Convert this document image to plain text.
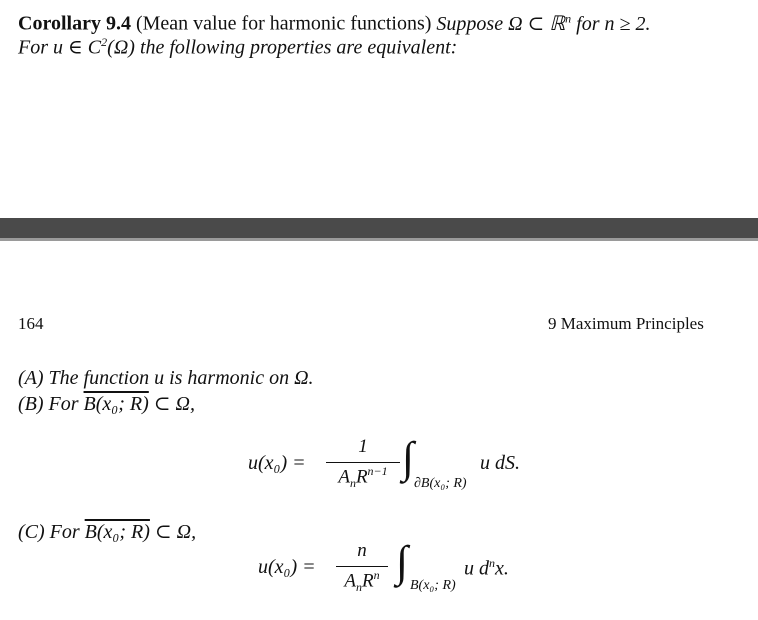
Corollary 9.4 (Mean value for harmonic functions) Suppose Ω ⊂ ℝ$^n$ for n ≥ 2.
For u ∈ $C^2(\Omega)$ the following properties are equivalent:
164	9 Maximum Principles
(A) The function u is harmonic on Ω.
(B) For B(x₀; R) ⊂ Ω,
u(x₀) =
1
$A_nR^{n-1}$ ∫
∂B(x₀; R)
u dS.
(C) For B(x₀; R) ⊂ Ω,
u(x₀) =
n
$A_nR^n$ ∫ B(x₀; R)
u $d^nx$.
